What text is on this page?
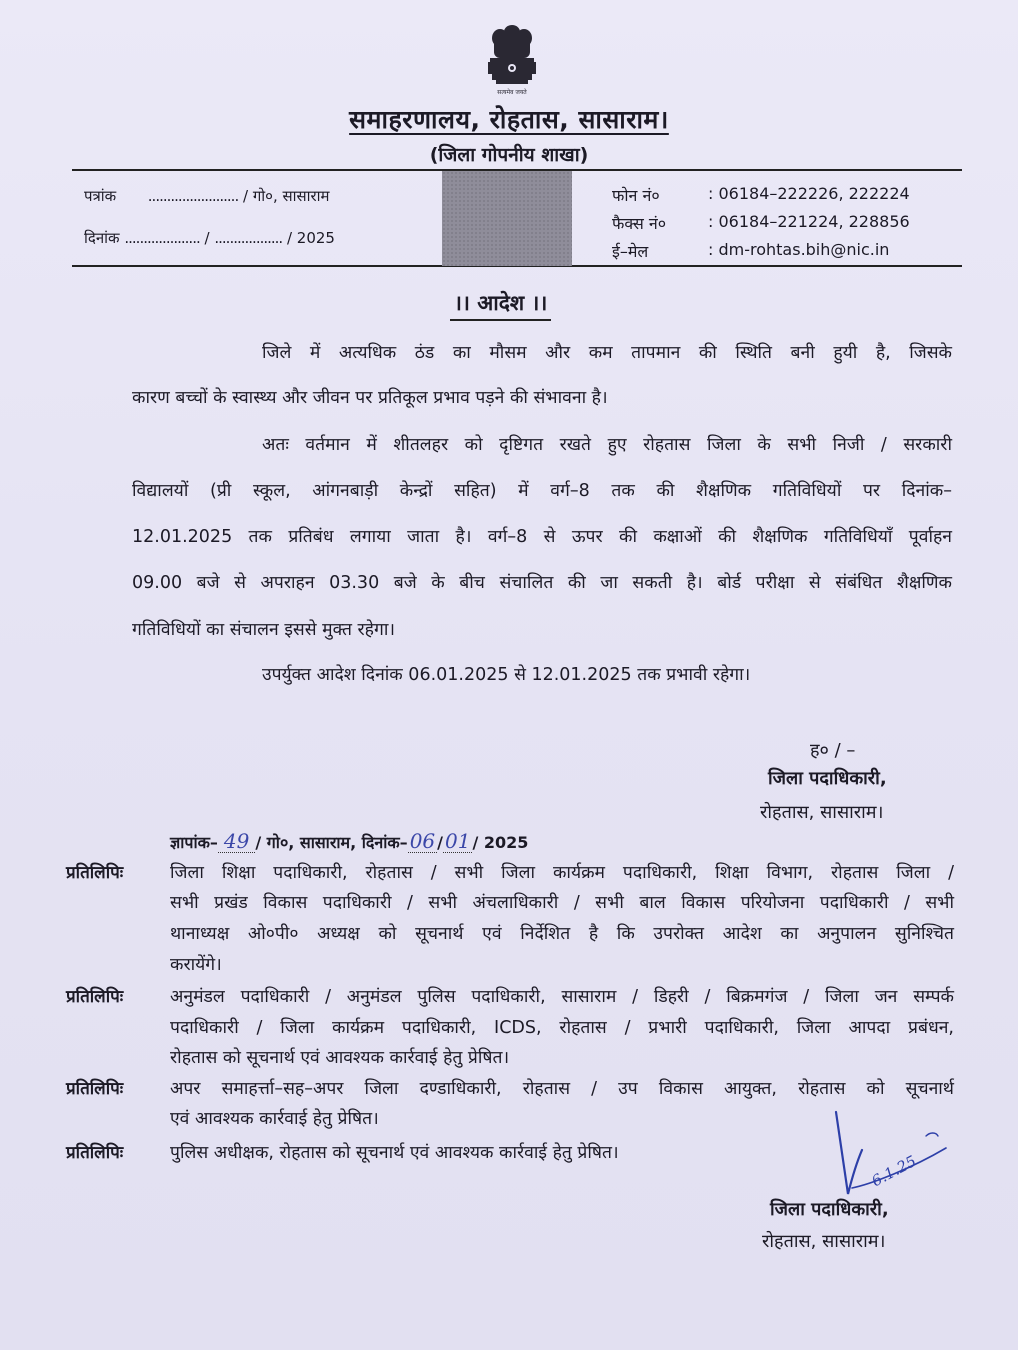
सत्यमेव जयते
समाहरणालय, रोहतास, सासाराम।
(जिला गोपनीय शाखा)
पत्रांक ........................ / गो०, सासाराम
दिनांक .................... / .................. / 2025
फोन नं०	: 06184–222226, 222224
फैक्स नं०	: 06184–221224, 228856
ई–मेल	: dm-rohtas.bih@nic.in
।। आदेश ।।
जिले में अत्यधिक ठंड का मौसम और कम तापमान की स्थिति बनी हुयी है, जिसके
कारण बच्चों के स्वास्थ्य और जीवन पर प्रतिकूल प्रभाव पड़ने की संभावना है।
अतः वर्तमान में शीतलहर को दृष्टिगत रखते हुए रोहतास जिला के सभी निजी / सरकारी
विद्यालयों (प्री स्कूल, आंगनबाड़ी केन्द्रों सहित) में वर्ग–8 तक की शैक्षणिक गतिविधियों पर दिनांक–
12.01.2025 तक प्रतिबंध लगाया जाता है। वर्ग–8 से ऊपर की कक्षाओं की शैक्षणिक गतिविधियाँ पूर्वाहन
09.00 बजे से अपराहन 03.30 बजे के बीच संचालित की जा सकती है। बोर्ड परीक्षा से संबंधित शैक्षणिक
गतिविधियों का संचालन इससे मुक्त रहेगा।
उपर्युक्त आदेश दिनांक 06.01.2025 से 12.01.2025 तक प्रभावी रहेगा।
ह० / –
जिला पदाधिकारी,
रोहतास, सासाराम।
ज्ञापांक– 49 / गो०, सासाराम, दिनांक– 06 / 01 / 2025
प्रतिलिपिः	जिला शिक्षा पदाधिकारी, रोहतास / सभी जिला कार्यक्रम पदाधिकारी, शिक्षा विभाग, रोहतास जिला /
सभी प्रखंड विकास पदाधिकारी / सभी अंचलाधिकारी / सभी बाल विकास परियोजना पदाधिकारी / सभी
थानाध्यक्ष ओ०पी० अध्यक्ष को सूचनार्थ एवं निर्देशित है कि उपरोक्त आदेश का अनुपालन सुनिश्चित
करायेंगे।
प्रतिलिपिः	अनुमंडल पदाधिकारी / अनुमंडल पुलिस पदाधिकारी, सासाराम / डिहरी / बिक्रमगंज / जिला जन सम्पर्क
पदाधिकारी / जिला कार्यक्रम पदाधिकारी, ICDS, रोहतास / प्रभारी पदाधिकारी, जिला आपदा प्रबंधन,
रोहतास को सूचनार्थ एवं आवश्यक कार्रवाई हेतु प्रेषित।
प्रतिलिपिः	अपर समाहर्त्ता–सह–अपर जिला दण्डाधिकारी, रोहतास / उप विकास आयुक्त, रोहतास को सूचनार्थ
एवं आवश्यक कार्रवाई हेतु प्रेषित।
प्रतिलिपिः	पुलिस अधीक्षक, रोहतास को सूचनार्थ एवं आवश्यक कार्रवाई हेतु प्रेषित।	6.1.25
जिला पदाधिकारी,
रोहतास, सासाराम।
